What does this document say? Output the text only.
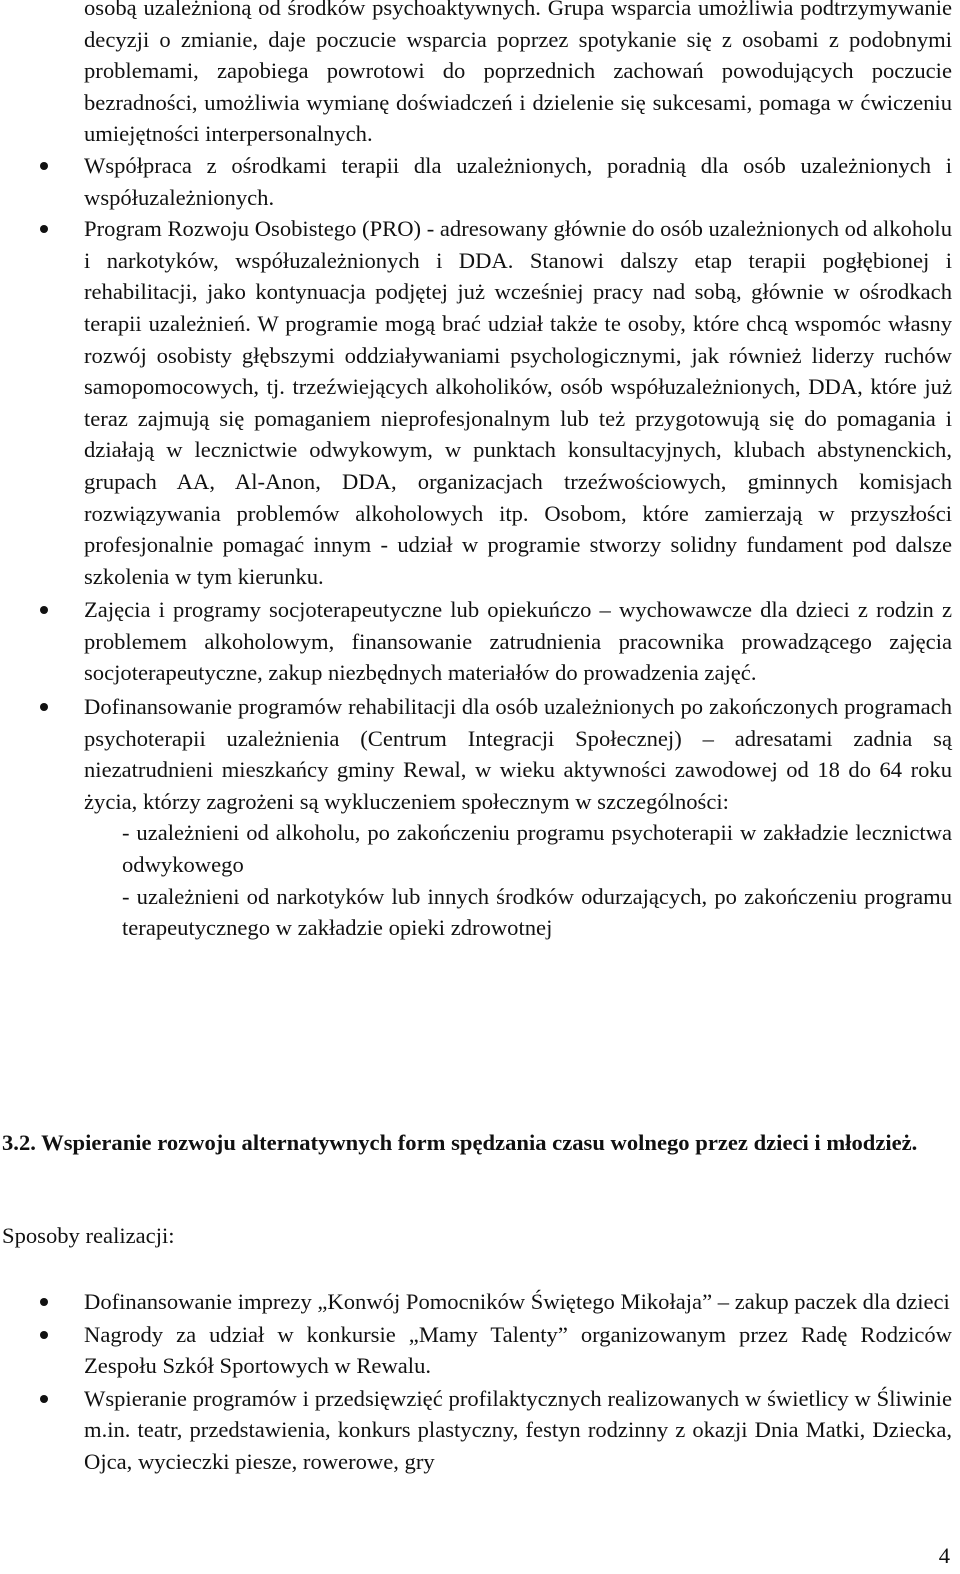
osobą uzależnioną od środków psychoaktywnych. Grupa wsparcia umożliwia podtrzymywanie decyzji o zmianie, daje poczucie wsparcia poprzez spotykanie się z osobami z podobnymi problemami, zapobiega powrotowi do poprzednich zachowań powodujących poczucie bezradności, umożliwia wymianę doświadczeń i dzielenie się sukcesami, pomaga w ćwiczeniu umiejętności interpersonalnych.
Współpraca z ośrodkami terapii dla uzależnionych, poradnią dla osób uzależnionych i współuzależnionych.
Program Rozwoju Osobistego (PRO) - adresowany głównie do osób uzależnionych od alkoholu i narkotyków, współuzależnionych i DDA. Stanowi dalszy etap terapii pogłębionej i rehabilitacji, jako kontynuacja podjętej już wcześniej pracy nad sobą, głównie w ośrodkach terapii uzależnień. W programie mogą brać udział także te osoby, które chcą wspomóc własny rozwój osobisty głębszymi oddziaływaniami psychologicznymi, jak również liderzy ruchów samopomocowych, tj. trzeźwiejących alkoholików, osób współuzależnionych, DDA, które już teraz zajmują się pomaganiem nieprofesjonalnym lub też przygotowują się do pomagania i działają w lecznictwie odwykowym, w punktach konsultacyjnych, klubach abstynenckich, grupach AA, Al-Anon, DDA, organizacjach trzeźwościowych, gminnych komisjach rozwiązywania problemów alkoholowych itp. Osobom, które zamierzają w przyszłości profesjonalnie pomagać innym - udział w programie stworzy solidny fundament pod dalsze szkolenia w tym kierunku.
Zajęcia i programy socjoterapeutyczne lub opiekuńczo – wychowawcze dla dzieci z rodzin z problemem alkoholowym, finansowanie zatrudnienia pracownika prowadzącego zajęcia socjoterapeutyczne, zakup niezbędnych materiałów do prowadzenia zajęć.
Dofinansowanie programów rehabilitacji dla osób uzależnionych po zakończonych programach psychoterapii uzależnienia (Centrum Integracji Społecznej) – adresatami zadnia są niezatrudnieni mieszkańcy gminy Rewal, w wieku aktywności zawodowej od 18 do 64 roku życia, którzy zagrożeni są wykluczeniem społecznym w szczególności:
- uzależnieni od alkoholu, po zakończeniu programu psychoterapii w zakładzie lecznictwa odwykowego
- uzależnieni od narkotyków lub innych środków odurzających, po zakończeniu programu terapeutycznego w zakładzie opieki zdrowotnej
3.2. Wspieranie rozwoju alternatywnych form spędzania czasu wolnego przez dzieci i młodzież.
Sposoby realizacji:
Dofinansowanie imprezy „Konwój Pomocników Świętego Mikołaja” – zakup paczek dla dzieci
Nagrody za udział w konkursie „Mamy Talenty” organizowanym przez Radę Rodziców Zespołu Szkół Sportowych w Rewalu.
Wspieranie programów i przedsięwzięć profilaktycznych realizowanych w świetlicy w Śliwinie m.in. teatr, przedstawienia, konkurs plastyczny, festyn rodzinny z okazji Dnia Matki, Dziecka, Ojca, wycieczki piesze, rowerowe, gry
4
